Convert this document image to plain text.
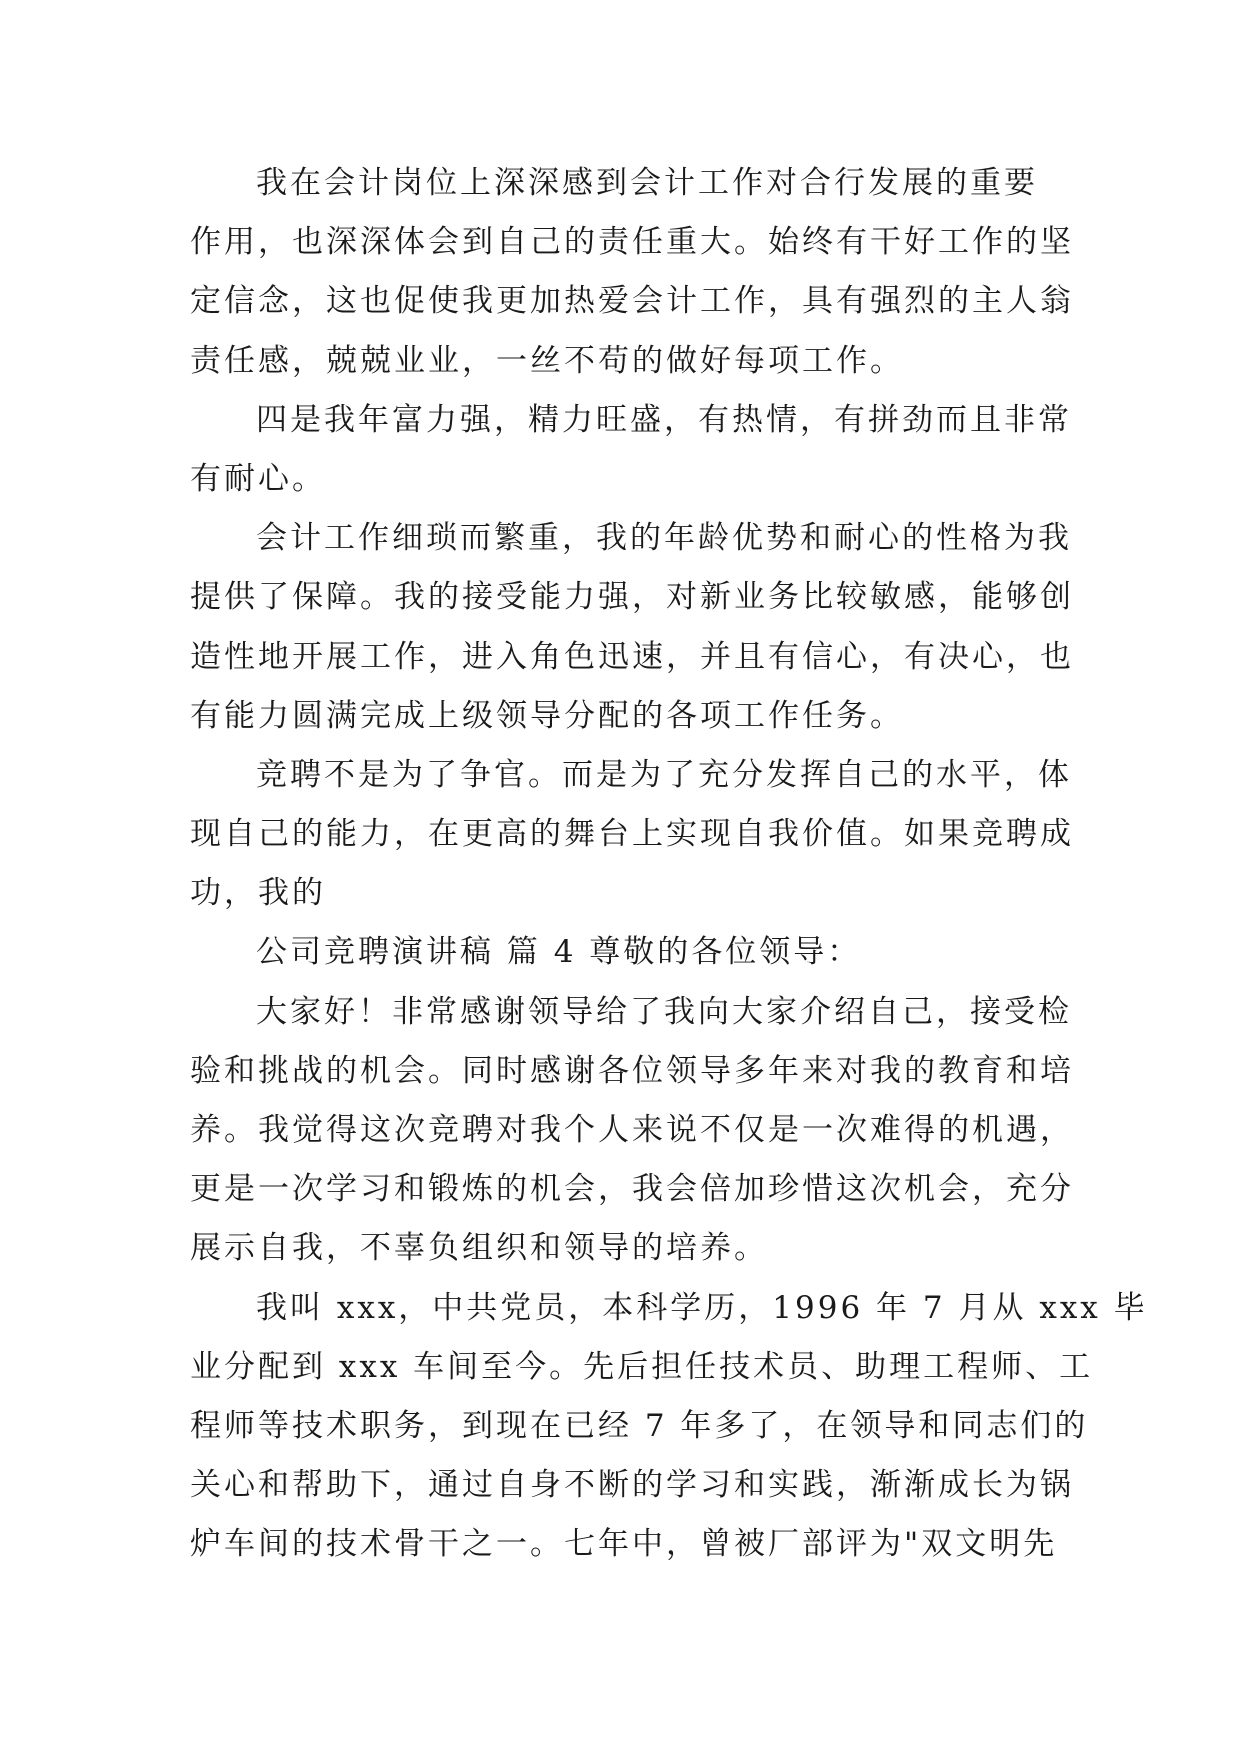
我在会计岗位上深深感到会计工作对合行发展的重要
作用，也深深体会到自己的责任重大。始终有干好工作的坚
定信念，这也促使我更加热爱会计工作，具有强烈的主人翁
责任感，兢兢业业，一丝不苟的做好每项工作。
四是我年富力强，精力旺盛，有热情，有拼劲而且非常
有耐心。
会计工作细琐而繁重，我的年龄优势和耐心的性格为我
提供了保障。我的接受能力强，对新业务比较敏感，能够创
造性地开展工作，进入角色迅速，并且有信心，有决心，也
有能力圆满完成上级领导分配的各项工作任务。
竞聘不是为了争官。而是为了充分发挥自己的水平，体
现自己的能力，在更高的舞台上实现自我价值。如果竞聘成
功，我的
公司竞聘演讲稿 篇 4 尊敬的各位领导：
大家好！非常感谢领导给了我向大家介绍自己，接受检
验和挑战的机会。同时感谢各位领导多年来对我的教育和培
养。我觉得这次竞聘对我个人来说不仅是一次难得的机遇，
更是一次学习和锻炼的机会，我会倍加珍惜这次机会，充分
展示自我，不辜负组织和领导的培养。
我叫 xxx，中共党员，本科学历，1996 年 7 月从 xxx 毕
业分配到 xxx 车间至今。先后担任技术员、助理工程师、工
程师等技术职务，到现在已经 7 年多了，在领导和同志们的
关心和帮助下，通过自身不断的学习和实践，渐渐成长为锅
炉车间的技术骨干之一。七年中，曾被厂部评为"双文明先
